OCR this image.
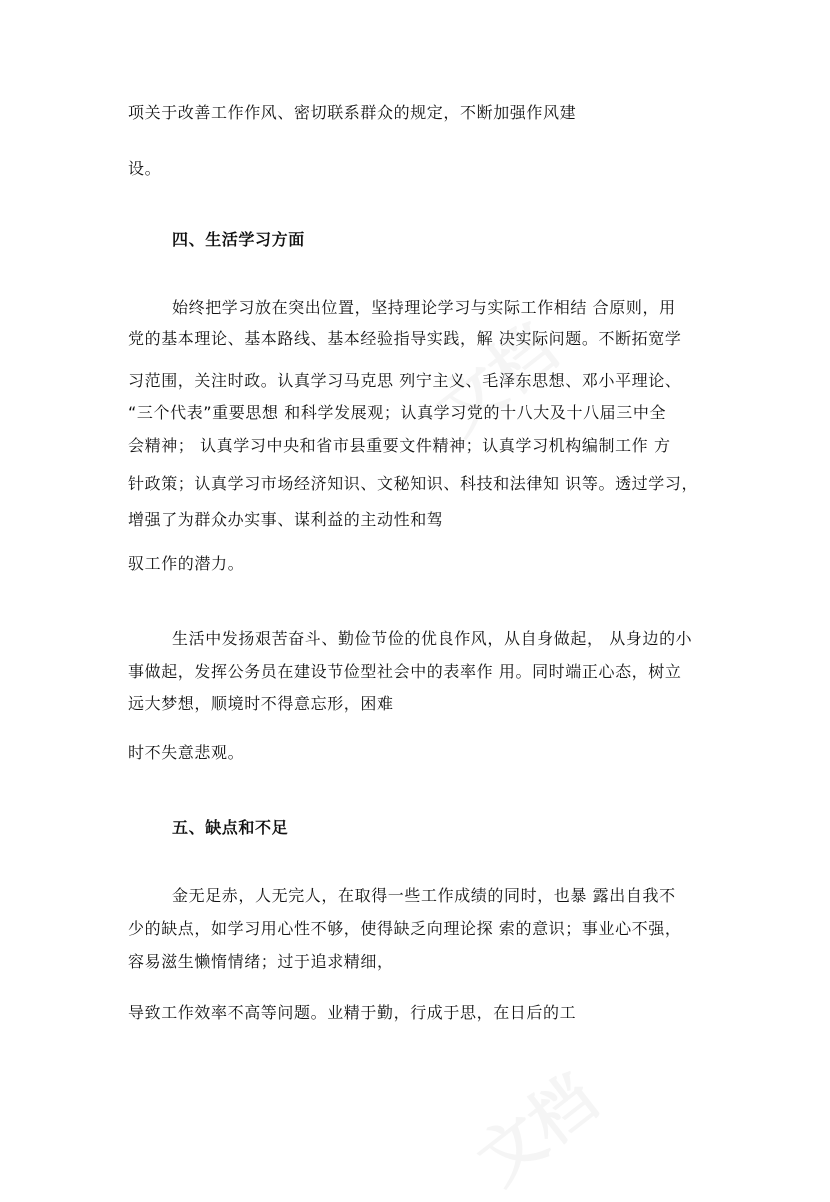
文档
文档
项关于改善工作作风、密切联系群众的规定，不断加强作风建
设。
四、生活学习方面
始终把学习放在突出位置，坚持理论学习与实际工作相结 合原则，用
党的基本理论、基本路线、基本经验指导实践，解 决实际问题。不断拓宽学
习范围，关注时政。认真学习马克思 列宁主义、毛泽东思想、邓小平理论、
“三个代表”重要思想 和科学发展观；认真学习党的十八大及十八届三中全
会精神； 认真学习中央和省市县重要文件精神；认真学习机构编制工作 方
针政策；认真学习市场经济知识、文秘知识、科技和法律知 识等。透过学习，
增强了为群众办实事、谋利益的主动性和驾
驭工作的潜力。
生活中发扬艰苦奋斗、勤俭节俭的优良作风，从自身做起， 从身边的小
事做起，发挥公务员在建设节俭型社会中的表率作 用。同时端正心态，树立
远大梦想，顺境时不得意忘形，困难
时不失意悲观。
五、缺点和不足
金无足赤，人无完人，在取得一些工作成绩的同时，也暴 露出自我不
少的缺点，如学习用心性不够，使得缺乏向理论探 索的意识；事业心不强，
容易滋生懒惰情绪；过于追求精细，
导致工作效率不高等问题。业精于勤，行成于思，在日后的工
